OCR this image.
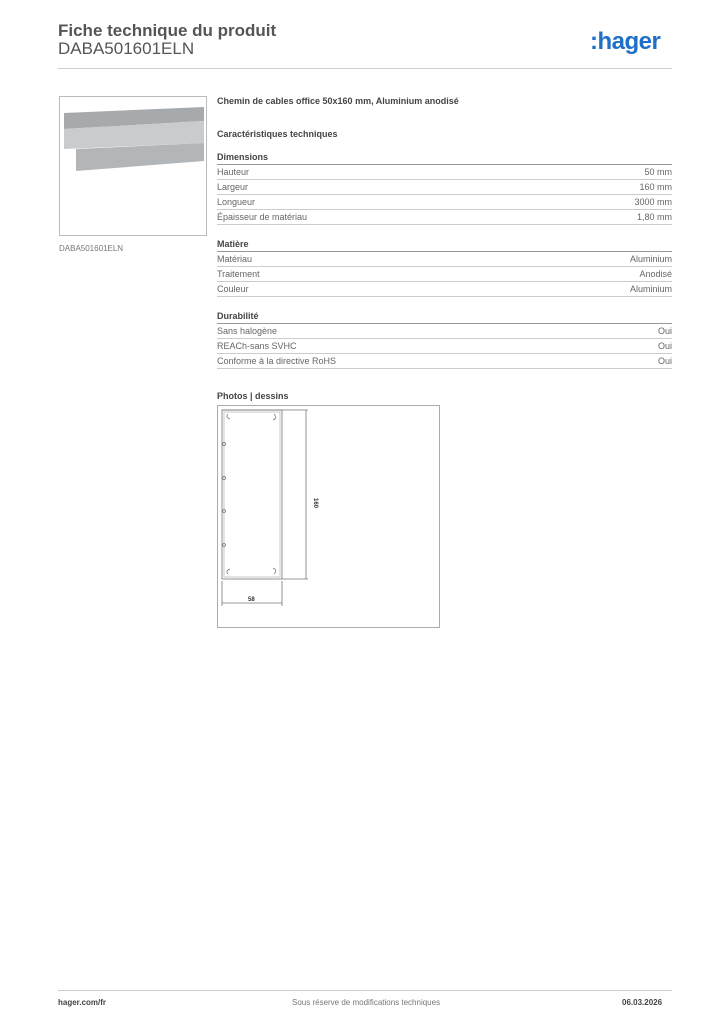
Fiche technique du produit
DABA501601ELN	:hager
DABA501601ELN
Chemin de cables office 50x160 mm, Aluminium anodisé
Caractéristiques techniques
Dimensions
Hauteur	50 mm
Largeur	160 mm
Longueur	3000 mm
Épaisseur de matériau	1,80 mm
Matière
Matériau	Aluminium
Traitement	Anodisé
Couleur	Aluminium
Durabilité
Sans halogène	Oui
REACh-sans SVHC	Oui
Conforme à la directive RoHS	Oui
Photos | dessins
160
58
hager.com/fr	Sous réserve de modifications techniques	06.03.2026
